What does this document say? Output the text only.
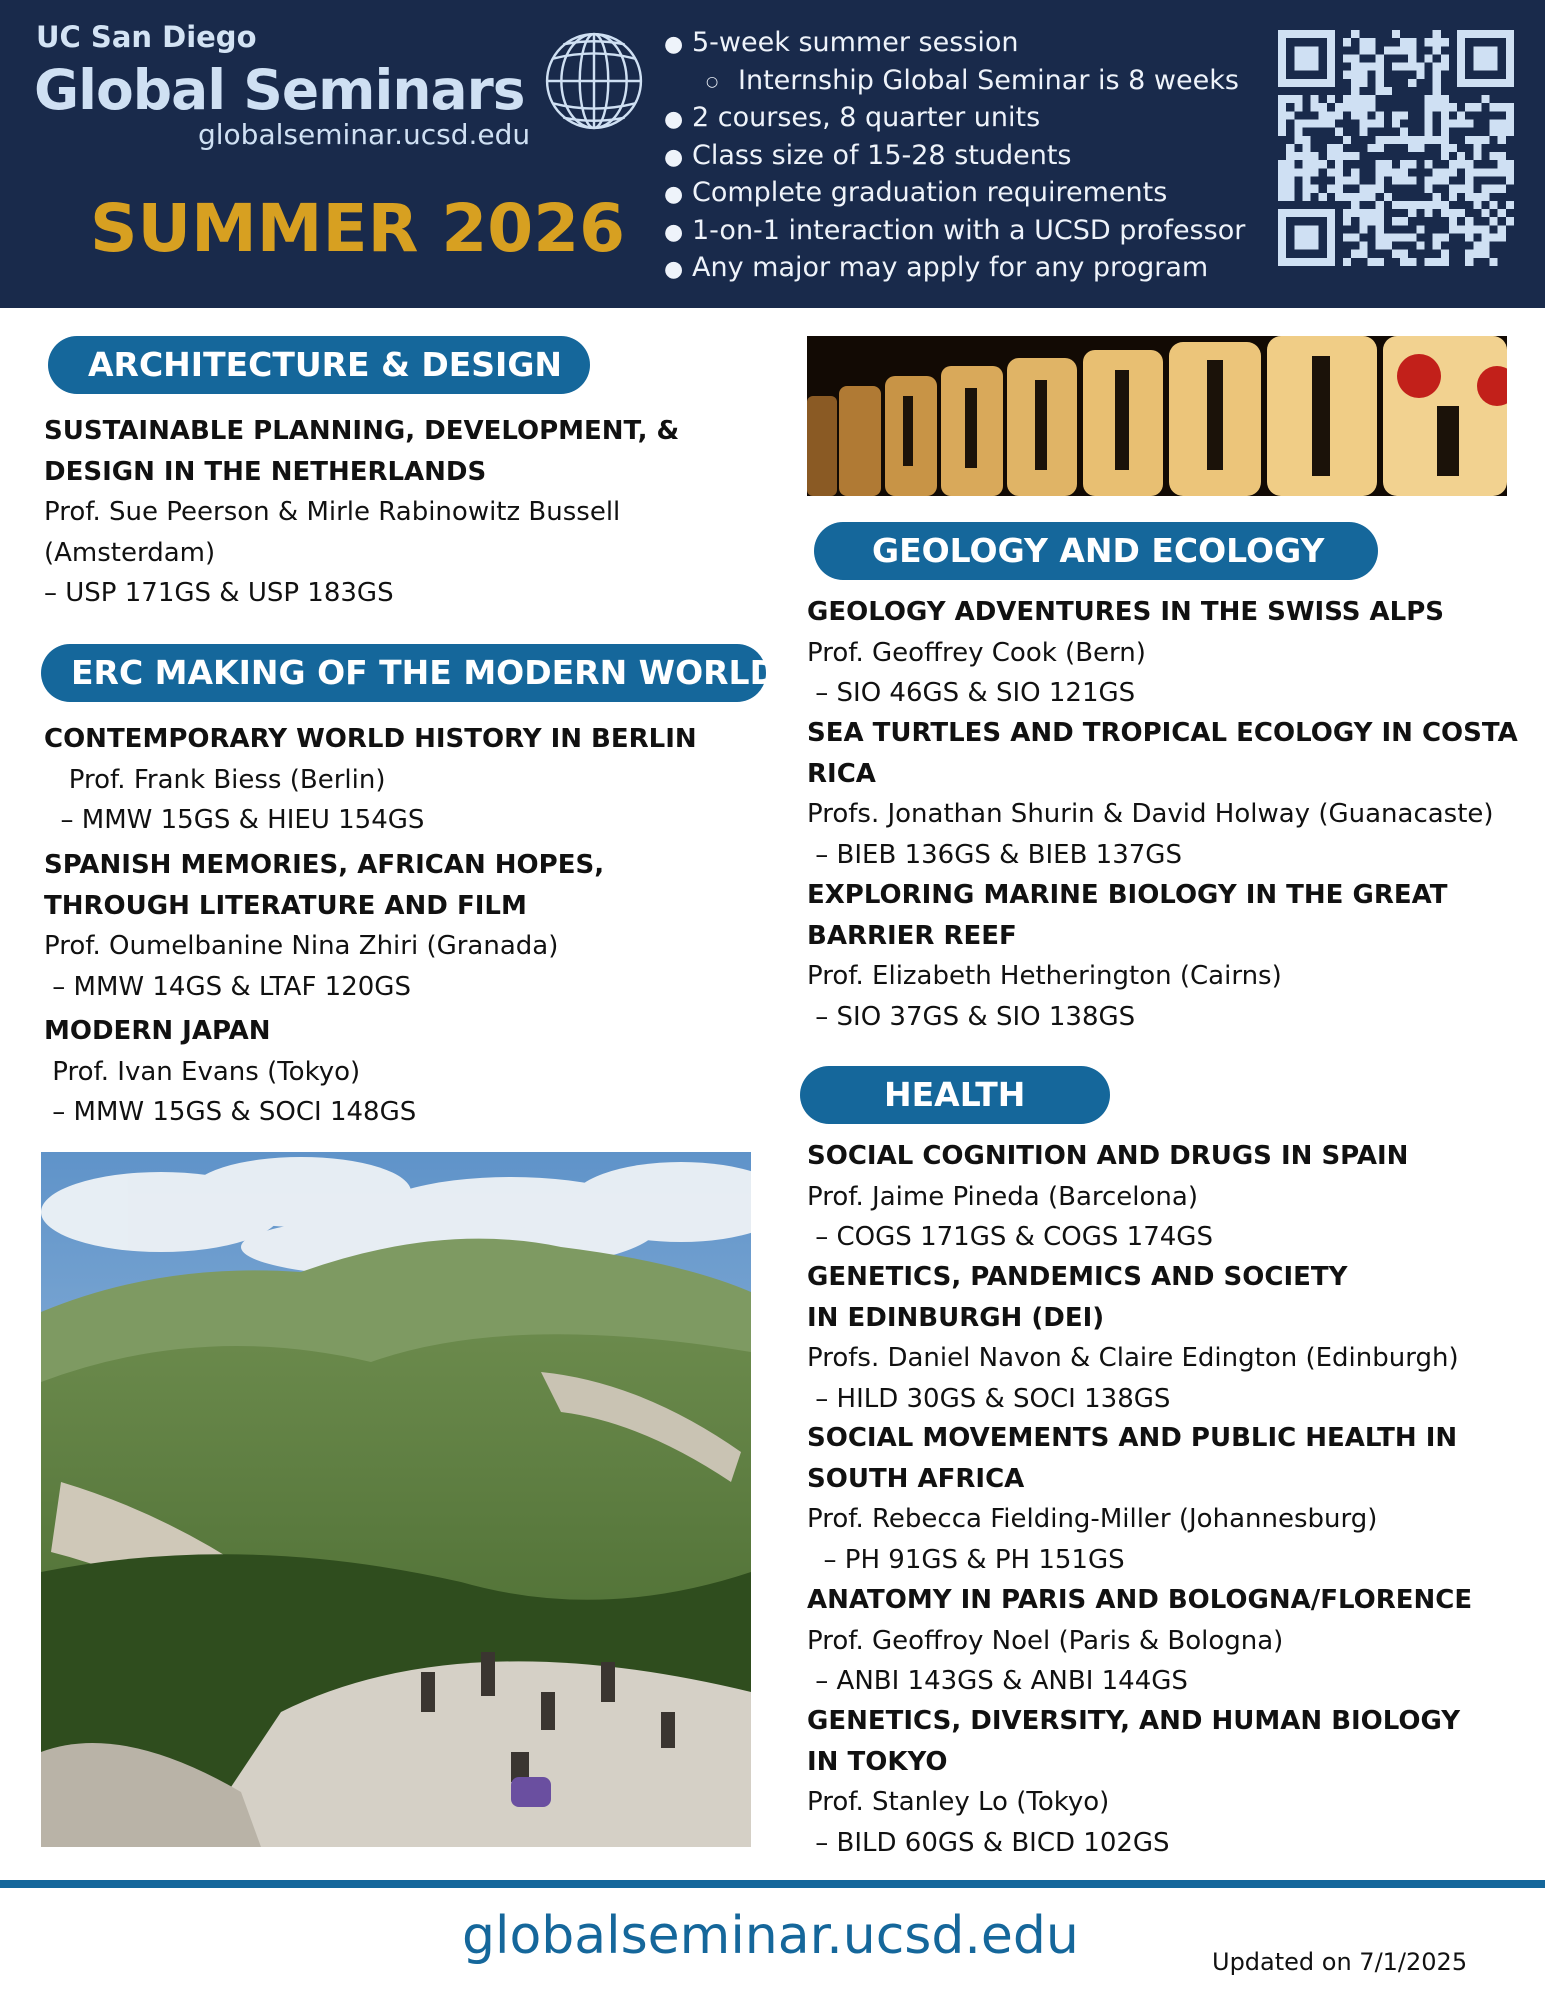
UC San Diego
Global Seminars
globalseminar.ucsd.edu
SUMMER 2026
● 5-week summer session
○ Internship Global Seminar is 8 weeks
● 2 courses, 8 quarter units
● Class size of 15-28 students
● Complete graduation requirements
● 1-on-1 interaction with a UCSD professor
● Any major may apply for any program
ARCHITECTURE & DESIGN
SUSTAINABLE PLANNING, DEVELOPMENT, &
DESIGN IN THE NETHERLANDS
Prof. Sue Peerson & Mirle Rabinowitz Bussell
(Amsterdam)
– USP 171GS & USP 183GS
ERC MAKING OF THE MODERN WORLD
CONTEMPORARY WORLD HISTORY IN BERLIN
Prof. Frank Biess (Berlin)
– MMW 15GS & HIEU 154GS
SPANISH MEMORIES, AFRICAN HOPES,
THROUGH LITERATURE AND FILM
Prof. Oumelbanine Nina Zhiri (Granada)
– MMW 14GS & LTAF 120GS
MODERN JAPAN
Prof. Ivan Evans (Tokyo)
– MMW 15GS & SOCI 148GS
GEOLOGY AND ECOLOGY
GEOLOGY ADVENTURES IN THE SWISS ALPS
Prof. Geoffrey Cook (Bern)
– SIO 46GS & SIO 121GS
SEA TURTLES AND TROPICAL ECOLOGY IN COSTA
RICA
Profs. Jonathan Shurin & David Holway (Guanacaste)
– BIEB 136GS & BIEB 137GS
EXPLORING MARINE BIOLOGY IN THE GREAT
BARRIER REEF
Prof. Elizabeth Hetherington (Cairns)
– SIO 37GS & SIO 138GS
HEALTH
SOCIAL COGNITION AND DRUGS IN SPAIN
Prof. Jaime Pineda (Barcelona)
– COGS 171GS & COGS 174GS
GENETICS, PANDEMICS AND SOCIETY
IN EDINBURGH (DEI)
Profs. Daniel Navon & Claire Edington (Edinburgh)
– HILD 30GS & SOCI 138GS
SOCIAL MOVEMENTS AND PUBLIC HEALTH IN
SOUTH AFRICA
Prof. Rebecca Fielding-Miller (Johannesburg)
– PH 91GS & PH 151GS
ANATOMY IN PARIS AND BOLOGNA/FLORENCE
Prof. Geoffroy Noel (Paris & Bologna)
– ANBI 143GS & ANBI 144GS
GENETICS, DIVERSITY, AND HUMAN BIOLOGY
IN TOKYO
Prof. Stanley Lo (Tokyo)
– BILD 60GS & BICD 102GS
globalseminar.ucsd.edu	Updated on 7/1/2025
